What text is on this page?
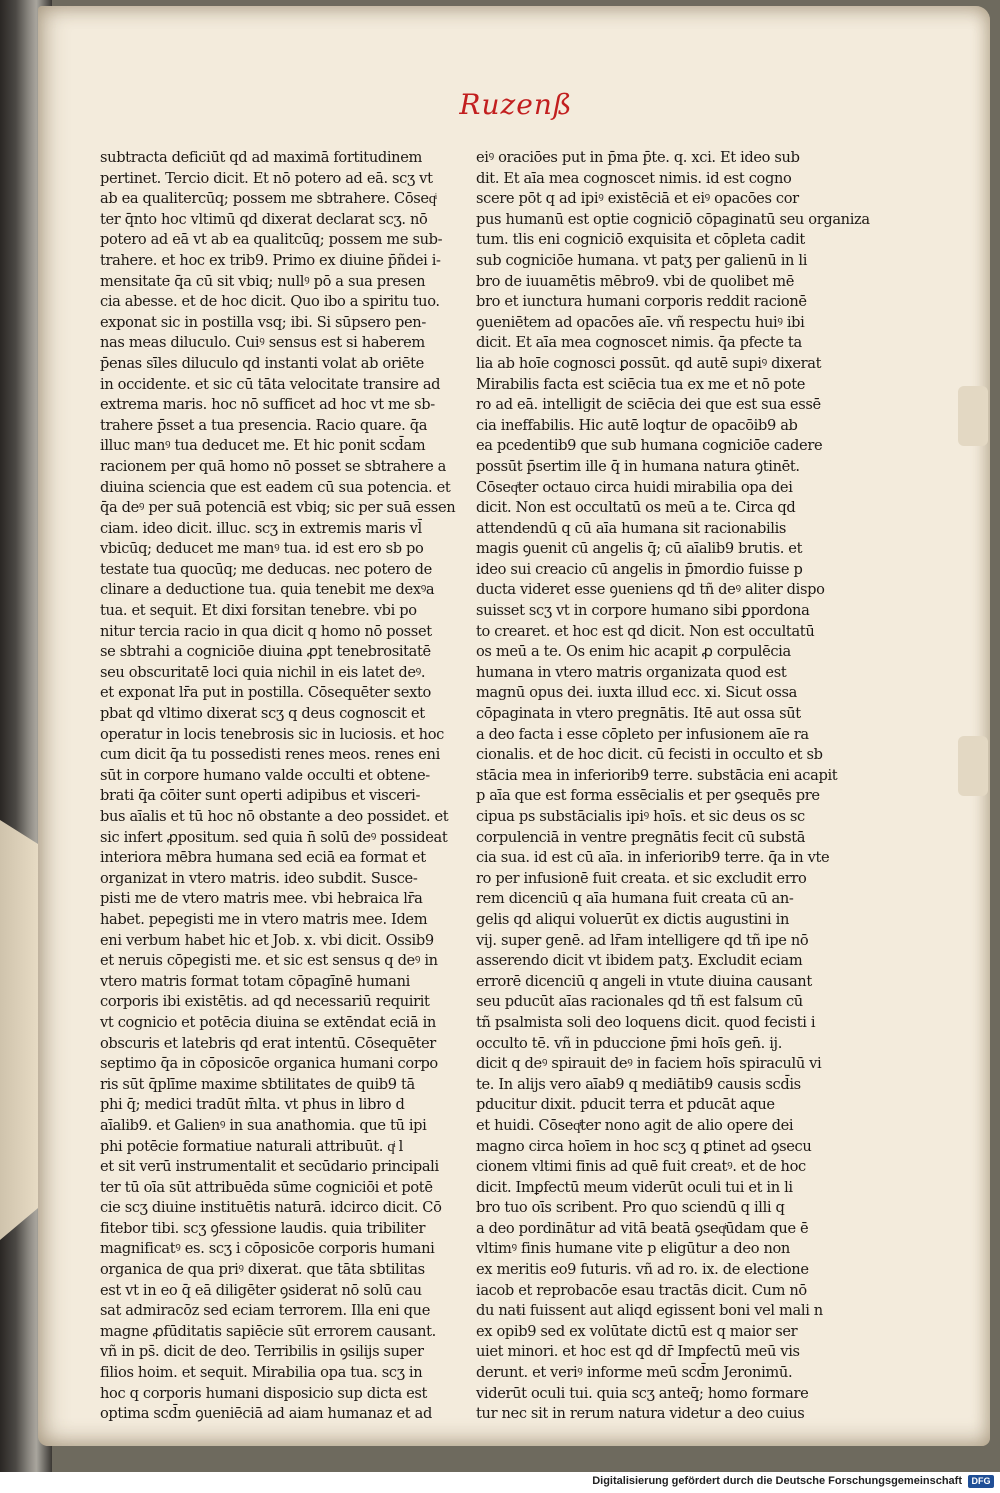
Ruzenß
subtracta deficiūt qd ad maximā fortitudinem
pertinet. Tercio dicit. Et nō potero ad eā. scʒ vt
ab ea qualitercūq; possem me sbtrahere. Cōseqͥ
ter q̄nto hoc vltimū qd dixerat declarat scʒ. nō
potero ad eā vt ab ea qualitcūq; possem me sub-
trahere. et hoc ex trib9. Primo ex diuine p̄ñdei i-
mensitate q̄a cū sit vbiq; nullꝰ pō a sua presen
cia abesse. et de hoc dicit. Quo ibo a spiritu tuo.
exponat sic in postilla vsq; ibi. Si sūpsero pen-
nas meas diluculo. Cuiꝰ sensus est si haberem
p̄enas sīles diluculo qd instanti volat ab oriēte
in occidente. et sic cū tāta velocitate transire ad
extrema maris. hoc nō sufficet ad hoc vt me sb-
trahere p̄sset a tua presencia. Racio quare. q̄a
illuc manꝰ tua deducet me. Et hic ponit scd̄am
racionem per quā homo nō posset se sbtrahere a
diuina sciencia que est eadem cū sua potencia. et
q̄a deꝰ per suā potenciā est vbiq; sic per suā essen
ciam. ideo dicit. illuc. scʒ in extremis maris vl̄
vbicūq; deducet me manꝰ tua. id est ero sb po
testate tua quocūq; me deducas. nec potero de
clinare a deductione tua. quia tenebit me dexꝰa
tua. et sequit. Et dixi forsitan tenebre. vbi po
nitur tercia racio in qua dicit q homo nō posset
se sbtrahi a cogniciōe diuina ꝓpt tenebrositatē
seu obscuritatē loci quia nichil in eis latet deꝰ.
et exponat lr̄a put in postilla. Cōsequēter sexto
pbat qd vltimo dixerat scʒ q deus cognoscit et
operatur in locis tenebrosis sic in luciosis. et hoc
cum dicit q̄a tu possedisti renes meos. renes eni
sūt in corpore humano valde occulti et obtene-
brati q̄a cōiter sunt operti adipibus et visceri-
bus aīalis et tū hoc nō obstante a deo possidet. et
sic infert ꝓpositum. sed quia n̄ solū deꝰ possideat
interiora mēbra humana sed eciā ea format et
organizat in vtero matris. ideo subdit. Susce-
pisti me de vtero matris mee. vbi hebraica lr̄a
habet. pepegisti me in vtero matris mee. Idem
eni verbum habet hic et Job. x. vbi dicit. Ossib9
et neruis cōpegisti me. et sic est sensus q deꝰ in
vtero matris format totam cōpagīnē humani
corporis ibi existētis. ad qd necessariū requirit
vt cognicio et potēcia diuina se extēndat eciā in
obscuris et latebris qd erat intentū. Cōsequēter
septimo q̄a in cōposicōe organica humani corpo
ris sūt q̄plīme maxime sbtilitates de quib9 tā
phi q̄; medici tradūt m̄lta. vt phus in libro d
aīalib9. et Galienꝰ in sua anathomia. que tū ipi
phi potēcie formatiue naturali attribuūt. qͥ l
et sit verū instrumentalit et secūdario principali
ter tū oīa sūt attribuēda sūme cogniciōi et potē
cie scʒ diuine instituētis naturā. idcirco dicit. Cō
fitebor tibi. scʒ ꝯfessione laudis. quia tribiliter
magnificatꝰ es. scʒ i cōposicōe corporis humani
organica de qua priꝰ dixerat. que tāta sbtilitas
est vt in eo q̄ eā diligēter ꝯsiderat nō solū cau
sat admiracōz sed eciam terrorem. Illa eni que
magne ꝓfūditatis sapiēcie sūt errorem causant.
vñ in ps̄. dicit de deo. Terribilis in ꝯsilijs super
filios hoim. et sequit. Mirabilia opa tua. scʒ in
hoc q corporis humani disposicio sup dicta est
optima scd̄m ꝯueniēciā ad aiam humanaz et ad
eiꝰ oraciōes put in p̄ma p̄te. q. xci. Et ideo sub
dit. Et aīa mea cognoscet nimis. id est cogno
scere pōt q ad ipiꝰ existēciā et eiꝰ opacōes cor
pus humanū est optie cogniciō cōpaginatū seu organiza
tum. tlis eni cogniciō exquisita et cōpleta cadit
sub cogniciōe humana. vt patʒ per galienū in li
bro de iuuamētis mēbro9. vbi de quolibet mē
bro et iunctura humani corporis reddit racionē
ꝯueniētem ad opacōes aīe. vñ respectu huiꝰ ibi
dicit. Et aīa mea cognoscet nimis. q̄a pfecte ta
lia ab hoīe cognosci ꝑossūt. qd autē supiꝰ dixerat
Mirabilis facta est sciēcia tua ex me et nō pote
ro ad eā. intelligit de sciēcia dei que est sua essē
cia ineffabilis. Hic autē loqtur de opacōib9 ab
ea pcedentib9 que sub humana cogniciōe cadere
possūt p̄sertim ille q̄ in humana natura ꝯtinēt.
Cōseqͥter octauo circa huidi mirabilia opa dei
dicit. Non est occultatū os meū a te. Circa qd
attendendū q cū aīa humana sit racionabilis
magis ꝯuenit cū angelis q̄; cū aīalib9 brutis. et
ideo sui creacio cū angelis in p̄mordio fuisse p
ducta videret esse ꝯueniens qd tñ deꝰ aliter dispo
suisset scʒ vt in corpore humano sibi ꝑpordona
to crearet. et hoc est qd dicit. Non est occultatū
os meū a te. Os enim hic acapit ꝓ corpulēcia
humana in vtero matris organizata quod est
magnū opus dei. iuxta illud ecc. xi. Sicut ossa
cōpaginata in vtero pregnātis. Itē aut ossa sūt
a deo facta i esse cōpleto per infusionem aīe ra
cionalis. et de hoc dicit. cū fecisti in occulto et sb
stācia mea in inferiorib9 terre. substācia eni acapit
p aīa que est forma essēcialis et per ꝯsequēs pre
cipua ps substācialis ipiꝰ hoīs. et sic deus os sc
corpulenciā in ventre pregnātis fecit cū substā
cia sua. id est cū aīa. in inferiorib9 terre. q̄a in vte
ro per infusionē fuit creata. et sic excludit erro
rem dicenciū q aīa humana fuit creata cū an-
gelis qd aliqui voluerūt ex dictis augustini in
vij. super genē. ad lr̄am intelligere qd tñ ipe nō
asserendo dicit vt ibidem patʒ. Excludit eciam
errorē dicenciū q angeli in vtute diuina causant
seu pducūt aīas racionales qd tñ est falsum cū
tñ psalmista soli deo loquens dicit. quod fecisti i
occulto tē. vñ in pduccione p̄mi hoīs gen̄. ij.
dicit q deꝰ spirauit deꝰ in faciem hoīs spiraculū vi
te. In alijs vero aīab9 q mediātib9 causis scd̄is
pducitur dixit. pducit terra et pducāt aque
et huidi. Cōseqͥter nono agit de alio opere dei
magno circa hoīem in hoc scʒ q ꝑtinet ad ꝯsecu
cionem vltimi finis ad quē fuit creatꝰ. et de hoc
dicit. Imꝑfectū meum viderūt oculi tui et in li
bro tuo oīs scribent. Pro quo sciendū q illi q
a deo pordinātur ad vitā beatā ꝯseqͥūdam que ē
vltimꝰ finis humane vite p eligūtur a deo non
ex meritis eo9 futuris. vñ ad ro. ix. de electione
iacob et reprobacōe esau tractās dicit. Cum nō
du nati fuissent aut aliqd egissent boni vel mali n
ex opib9 sed ex volūtate dictū est q maior ser
uiet minori. et hoc est qd dr̄ Imꝑfectū meū vis
derunt. et veriꝰ informe meū scd̄m Jeronimū.
viderūt oculi tui. quia scʒ anteq̄; homo formare
tur nec sit in rerum natura videtur a deo cuius
Digitalisierung gefördert durch die Deutsche Forschungsgemeinschaft	DFG
